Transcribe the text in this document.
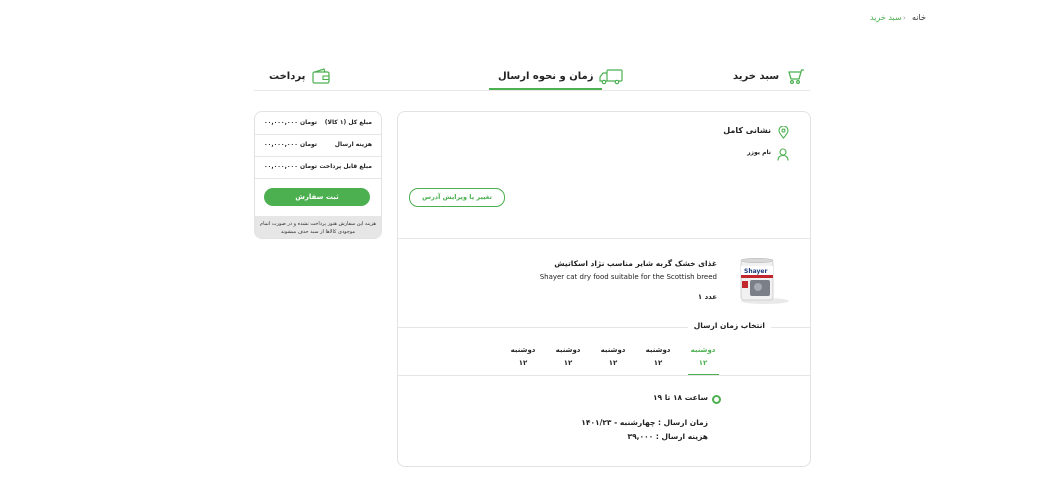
خانه
›
سبد خرید
سبد خرید
زمان و نحوه ارسال
پرداخت
مبلغ کل (۱ کالا)
۰۰,۰۰۰,۰۰۰ تومان
هزینه ارسال
۰۰,۰۰۰,۰۰۰ تومان
مبلغ قابل پرداخت
۰۰,۰۰۰,۰۰۰ تومان
ثبت سفارش
هزینه این سفارش هنوز پرداخت نشده و در صورت اتمام موجودی کالاها از سبد حذف میشوند
نشانی کامل
نام یوزر
تغییر یا ویرایش آدرس
Shayer
غذای خشک گربه شایر مناسب نژاد اسکاتیش
Shayer cat dry food suitable for the Scottish breed
۱ عدد
انتخاب زمان ارسال
دوشنبه
۱۲
دوشنبه
۱۲
دوشنبه
۱۲
دوشنبه
۱۲
دوشنبه
۱۲
ساعت ۱۸ تا ۱۹
زمان ارسال : چهارشنبه - ۱۴۰۱/۲۳
هزینه ارسال : ۳۹,۰۰۰
